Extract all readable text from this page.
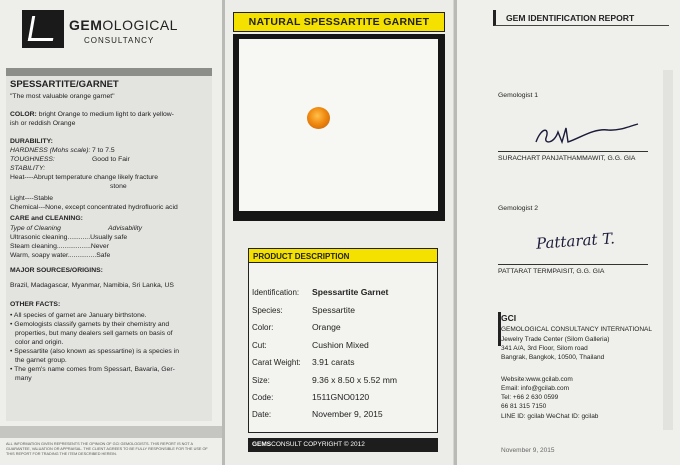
GEMOLOGICAL
CONSULTANCY
SPESSARTITE/GARNET
"The most valuable orange garnet"
COLOR: bright Orange to medium light to dark yellow-
ish or reddish Orange
DURABILITY:
HARDNESS (Mohs scale): 7 to 7.5
TOUGHNESS:	Good to Fair
STABILITY:
Heat----Abrupt temperature change likely fracture
stone
Light----Stable
Chemical---None, except concentrated hydrofluoric acid
CARE and CLEANING:
Type of Cleaning	Advisability
Ultrasonic cleaning............Usually safe
Steam cleaning..................Never
Warm, soapy water...............Safe
MAJOR SOURCES/ORIGINS:
Brazil, Madagascar, Myanmar, Namibia, Sri Lanka, US
OTHER FACTS:
• All species of garnet are January birthstone.
• Gemologists classify garnets by their chemistry and
properties, but many dealers sell garnets on basis of
color and origin.
• Spessartite (also known as spessartine) is a species in
the garnet group.
• The gem's name comes from Spessart, Bavaria, Ger-
many
ALL INFORMATION GIVEN REPRESENTS THE OPINION OF GCI GEMOLOGISTS. THIS REPORT IS NOT A GUARANTEE, VALUATION OR APPRAISAL. THE CLIENT AGREES TO BE FULLY RESPONSIBLE FOR THE USE OF THIS REPORT FOR TRADING THE ITEM DESCRIBED HEREIN.
NATURAL SPESSARTITE GARNET
PRODUCT DESCRIPTION
Identification: Spessartite Garnet
Species:	Spessartite
Color:	Orange
Cut:	Cushion Mixed
Carat Weight: 3.91 carats
Size:	9.36 x 8.50 x 5.52 mm
Code:	1511GNO0120
Date:	November 9, 2015
GEMSCONSULT COPYRIGHT © 2012
GEM IDENTIFICATION REPORT
Gemologist 1
SURACHART PANJATHAMMAWIT, G.G. GIA
Gemologist 2
Pattarat T.
PATTARAT TERMPAISIT, G.G. GIA
GCI
GEMOLOGICAL CONSULTANCY INTERNATIONAL
Jewelry Trade Center (Silom Galleria)
341 A/A, 3rd Floor, Silom road
Bangrak, Bangkok, 10500, Thailand
Website:www.gcilab.com
Email: info@gcilab.com
Tel: +66 2 630 0599
66 81 315 7150
LINE ID: gcilab WeChat ID: gcilab
November 9, 2015
